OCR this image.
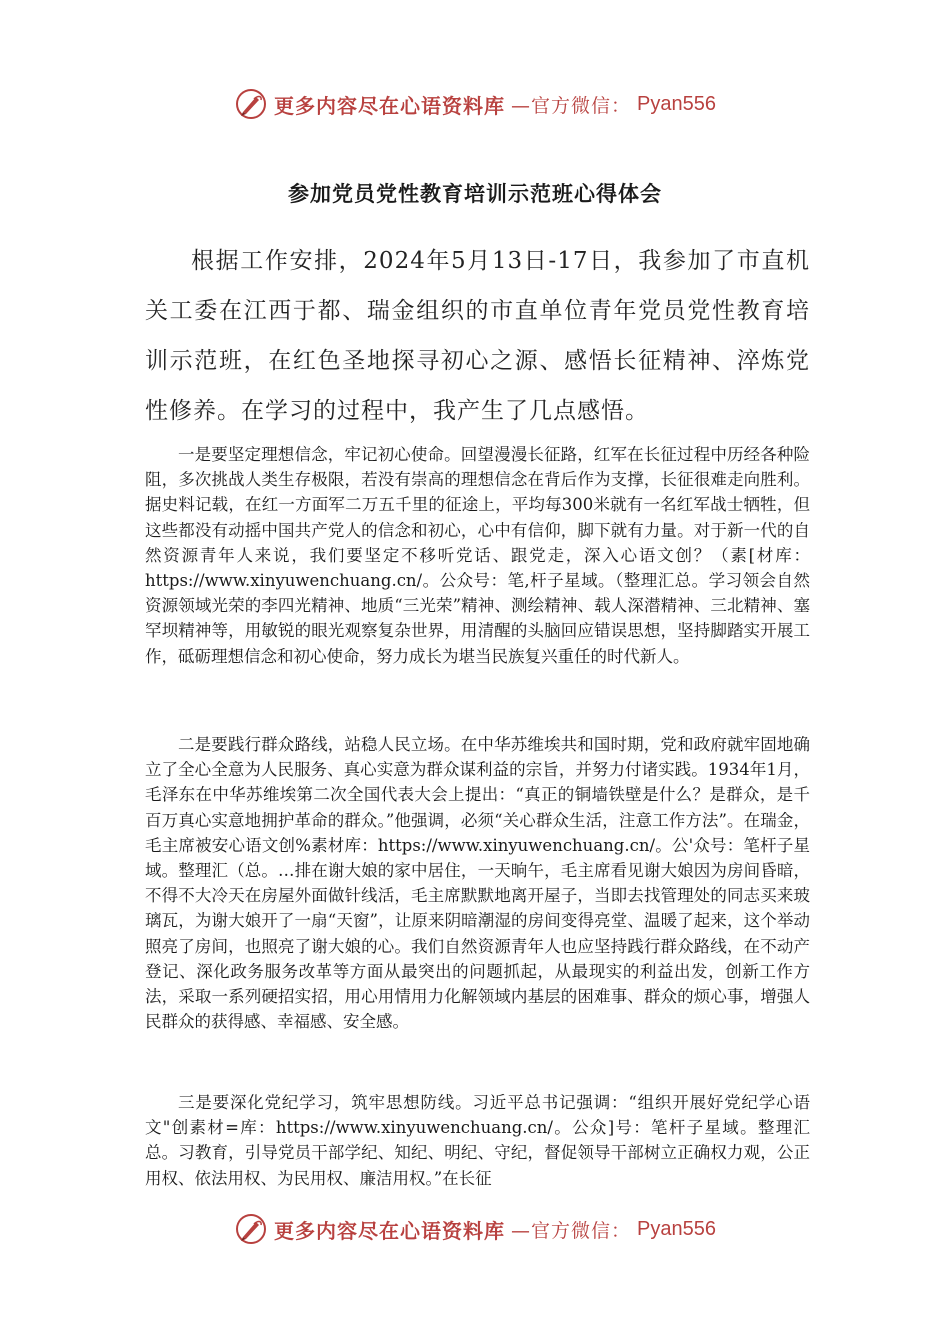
更多内容尽在心语资料库 —官方微信： Pyan556
参加党员党性教育培训示范班心得体会

根据工作安排，2024年5月13日-17日，我参加了市直机关工委在江西于都、瑞金组织的市直单位青年党员党性教育培训示范班，在红色圣地探寻初心之源、感悟长征精神、淬炼党性修养。在学习的过程中，我产生了几点感悟。

一是要坚定理想信念，牢记初心使命。回望漫漫长征路，红军在长征过程中历经各种险阻，多次挑战人类生存极限，若没有崇高的理想信念在背后作为支撑，长征很难走向胜利。据史料记载，在红一方面军二万五千里的征途上，平均每300米就有一名红军战士牺牲，但这些都没有动摇中国共产党人的信念和初心，心中有信仰，脚下就有力量。对于新一代的自然资源青年人来说，我们要坚定不移听党话、跟党走，深入心语文创？（素[材库：https://www.xinyuwenchuang.cn/。公众号：笔,杆子星域。（整理汇总。学习领会自然资源领域光荣的李四光精神、地质“三光荣”精神、测绘精神、载人深潜精神、三北精神、塞罕坝精神等，用敏锐的眼光观察复杂世界，用清醒的头脑回应错误思想，坚持脚踏实开展工作，砥砺理想信念和初心使命，努力成长为堪当民族复兴重任的时代新人。

二是要践行群众路线，站稳人民立场。在中华苏维埃共和国时期，党和政府就牢固地确立了全心全意为人民服务、真心实意为群众谋利益的宗旨，并努力付诸实践。1934年1月，毛泽东在中华苏维埃第二次全国代表大会上提出：“真正的铜墙铁壁是什么？是群众，是千百万真心实意地拥护革命的群众。”他强调，必须“关心群众生活，注意工作方法”。在瑞金，毛主席被安心语文创%素材库：https://www.xinyuwenchuang.cn/。公'众号：笔杆子星域。整理汇（总。…排在谢大娘的家中居住，一天晌午，毛主席看见谢大娘因为房间昏暗，不得不大冷天在房屋外面做针线活，毛主席默默地离开屋子，当即去找管理处的同志买来玻璃瓦，为谢大娘开了一扇“天窗”，让原来阴暗潮湿的房间变得亮堂、温暖了起来，这个举动照亮了房间，也照亮了谢大娘的心。我们自然资源青年人也应坚持践行群众路线，在不动产登记、深化政务服务改革等方面从最突出的问题抓起，从最现实的利益出发，创新工作方法，采取一系列硬招实招，用心用情用力化解领域内基层的困难事、群众的烦心事，增强人民群众的获得感、幸福感、安全感。

三是要深化党纪学习，筑牢思想防线。习近平总书记强调：“组织开展好党纪学心语文"创素材=库：https://www.xinyuwenchuang.cn/。公众]号：笔杆子星域。整理汇总。习教育，引导党员干部学纪、知纪、明纪、守纪，督促领导干部树立正确权力观，公正用权、依法用权、为民用权、廉洁用权。”在长征

更多内容尽在心语资料库 —官方微信： Pyan556
